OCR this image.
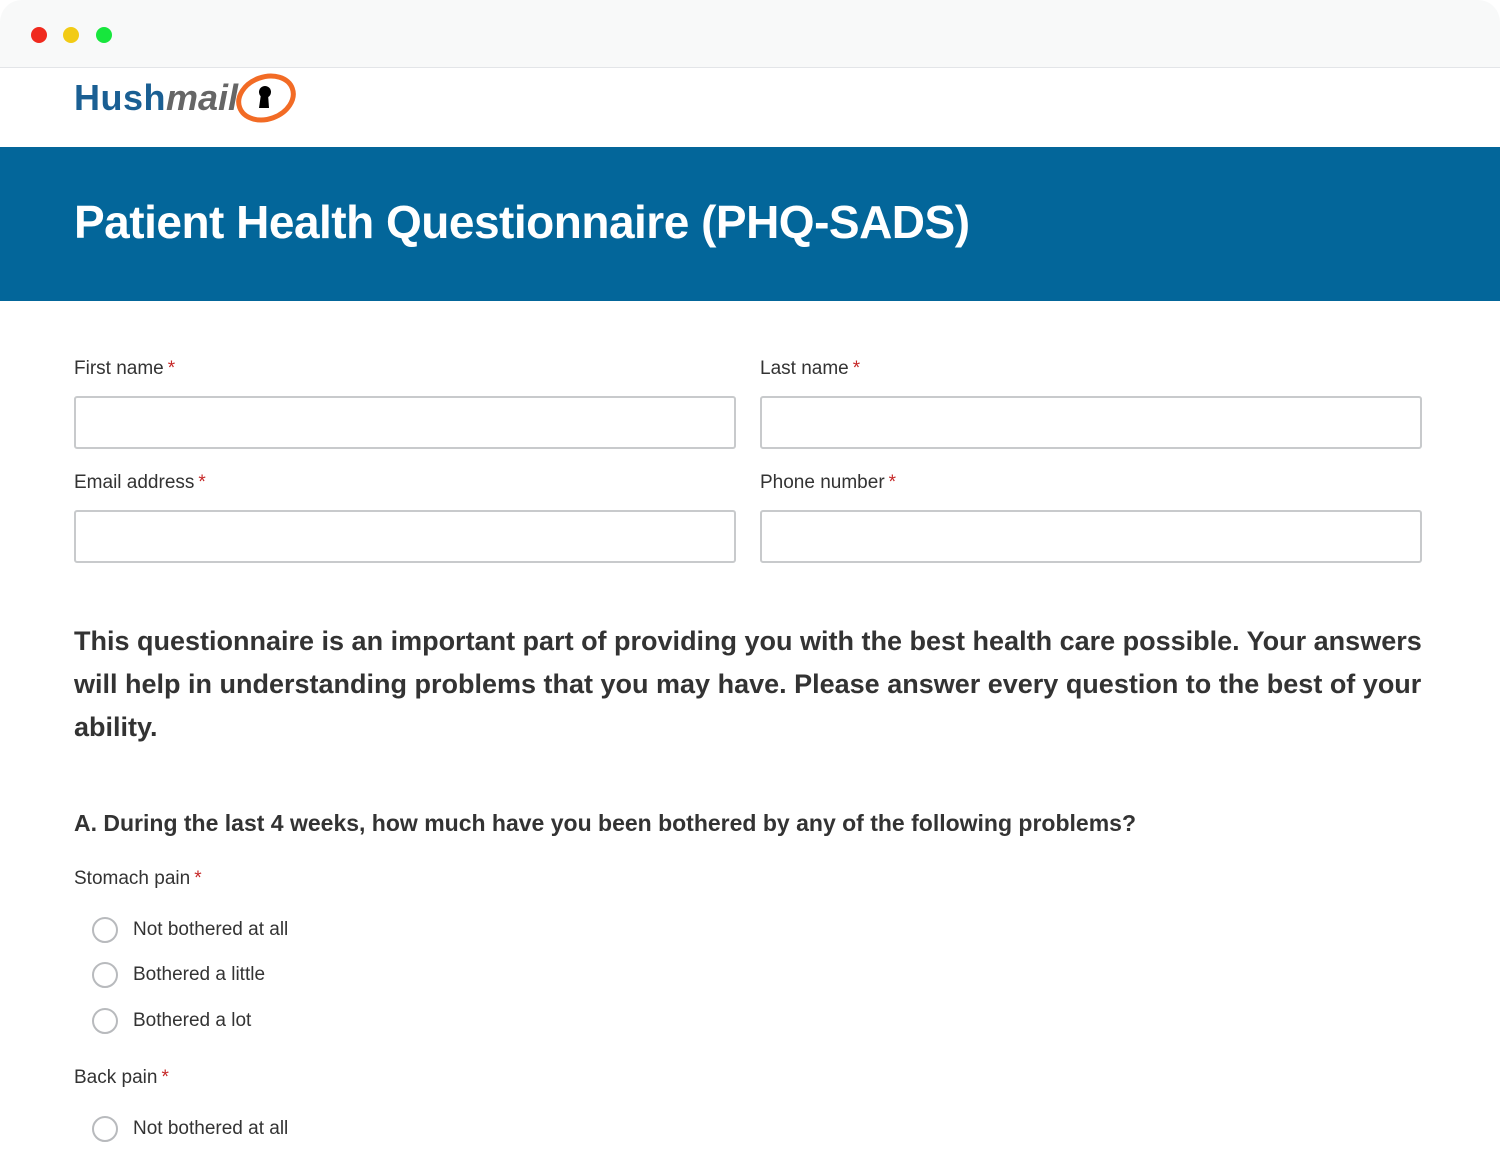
Hush mail
Patient Health Questionnaire (PHQ-SADS)
First name *	Last name *
Email address *	Phone number *

This questionnaire is an important part of providing you with the best health care possible. Your answers will help in understanding problems that you may have. Please answer every question to the best of your ability.

A. During the last 4 weeks, how much have you been bothered by any of the following problems?
Stomach pain *
Not bothered at all
Bothered a little
Bothered a lot
Back pain *
Not bothered at all
